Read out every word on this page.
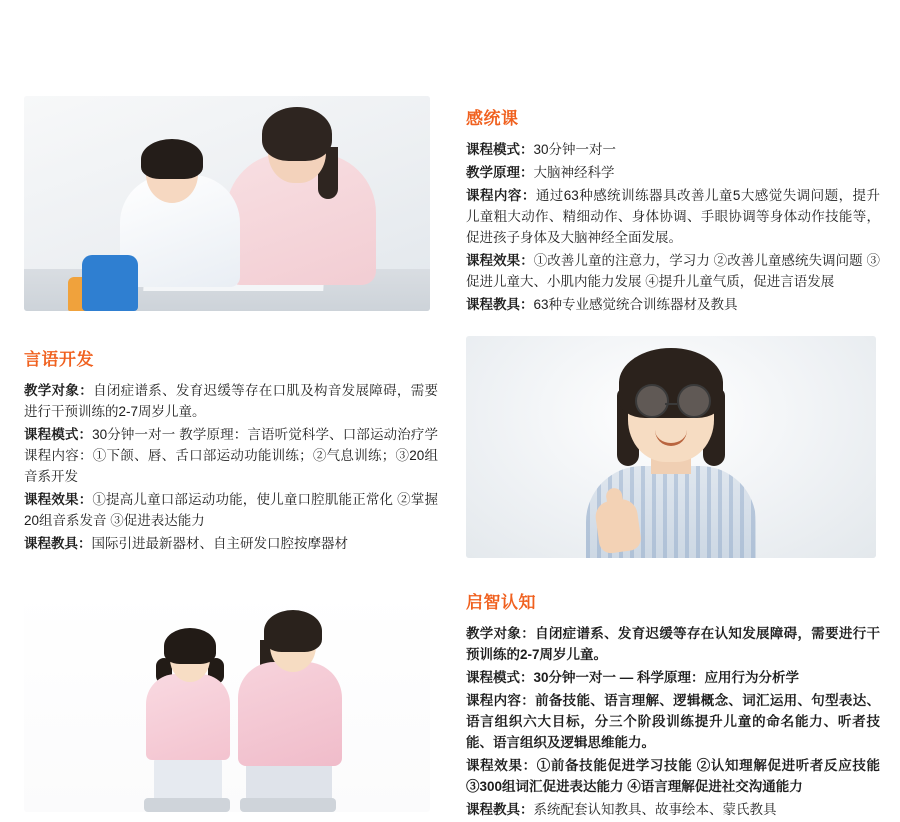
感统课

课程模式：30分钟一对一

教学原理：大脑神经科学

课程内容：通过63种感统训练器具改善儿童5大感觉失调问题，提升儿童粗大动作、精细动作、身体协调、手眼协调等身体动作技能等，促进孩子身体及大脑神经全面发展。

课程效果：①改善儿童的注意力，学习力 ②改善儿童感统失调问题 ③促进儿童大、小肌内能力发展 ④提升儿童气质，促进言语发展

课程教具：63种专业感觉统合训练器材及教具

言语开发

教学对象：自闭症谱系、发育迟缓等存在口肌及构音发展障碍，需要进行干预训练的2-7周岁儿童。

课程模式：30分钟一对一 教学原理：言语听觉科学、口部运动治疗学 课程内容：①下颌、唇、舌口部运动功能训练；②气息训练；③20组音系开发

课程效果：①提高儿童口部运动功能，使儿童口腔肌能正常化 ②掌握20组音系发音 ③促进表达能力

课程教具：国际引进最新器材、自主研发口腔按摩器材

启智认知

教学对象：自闭症谱系、发育迟缓等存在认知发展障碍，需要进行干预训练的2-7周岁儿童。

课程模式：30分钟一对一 — 科学原理：应用行为分析学

课程内容：前备技能、语言理解、逻辑概念、词汇运用、句型表达、语言组织六大目标，分三个阶段训练提升儿童的命名能力、听者技能、语言组织及逻辑思维能力。

课程效果：①前备技能促进学习技能 ②认知理解促进听者反应技能 ③300组词汇促进表达能力 ④语言理解促进社交沟通能力

课程教具：系统配套认知教具、故事绘本、蒙氏教具
